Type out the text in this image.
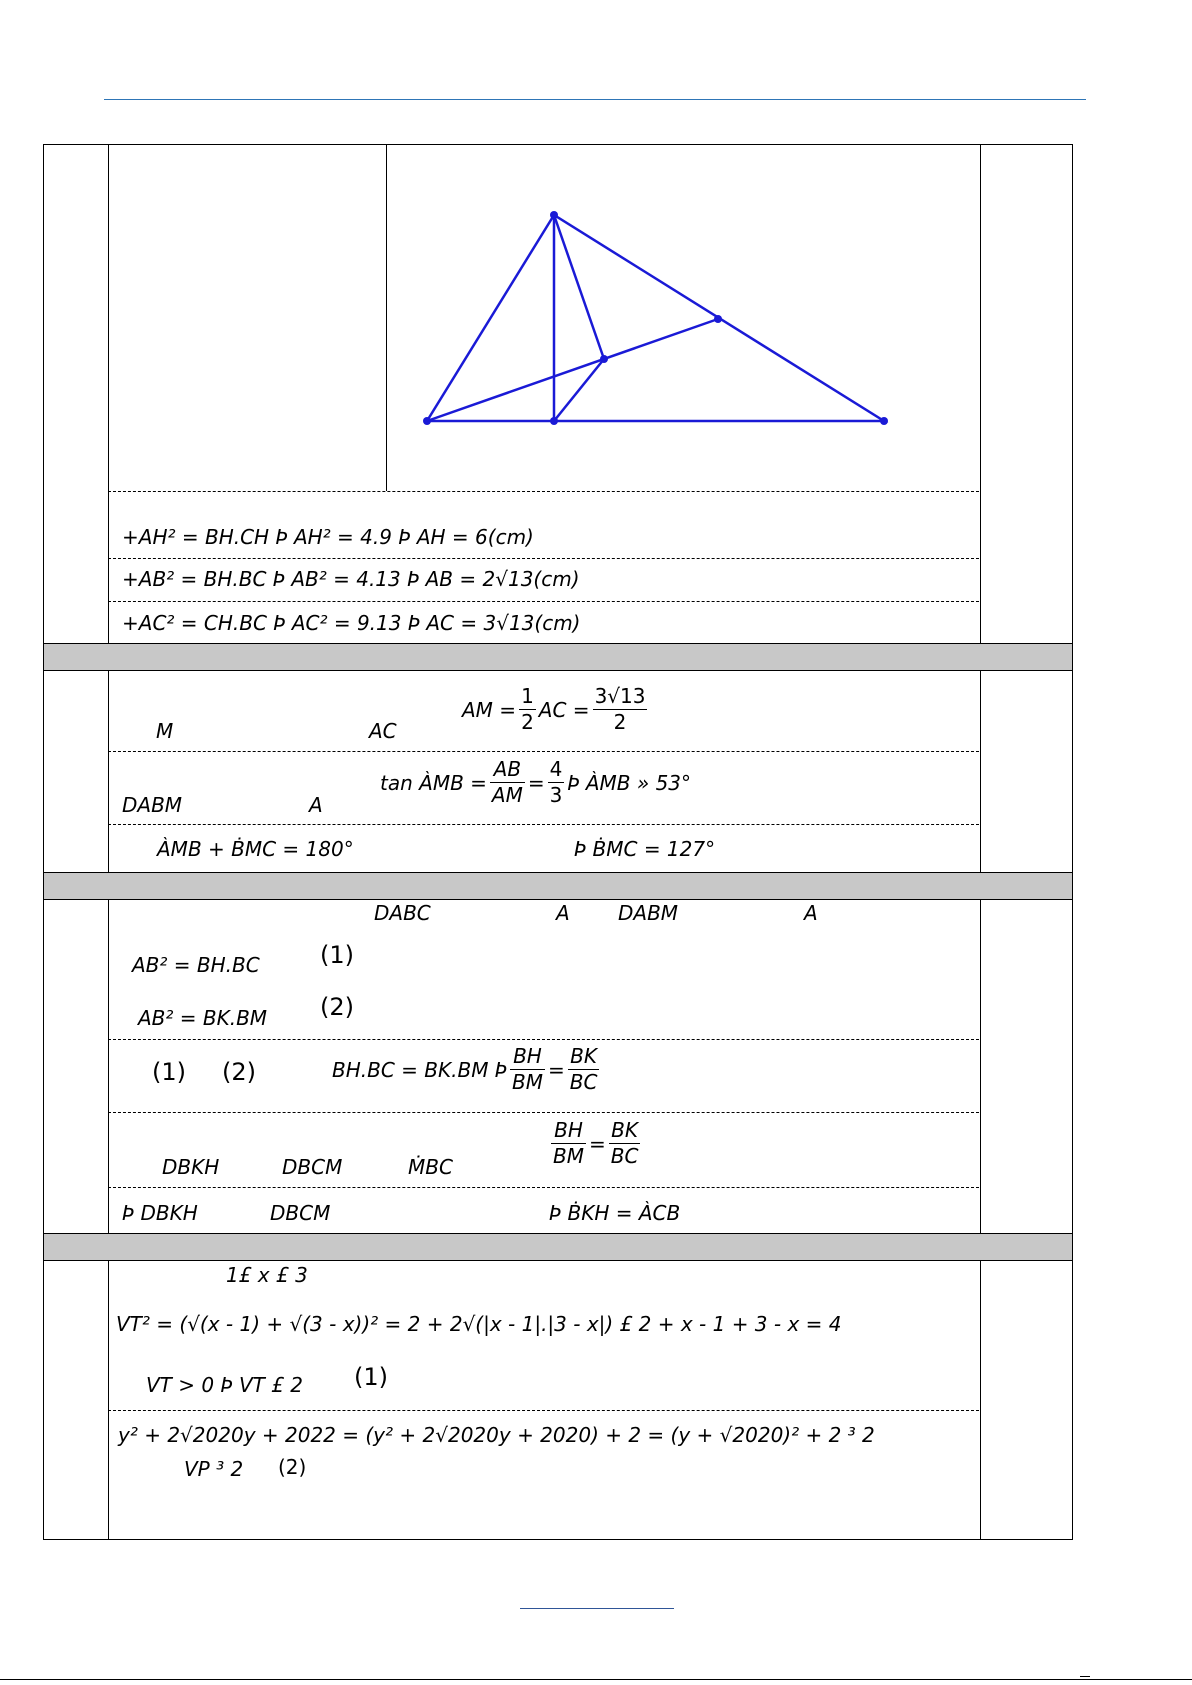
+AH² = BH.CH Þ AH² = 4.9 Þ AH = 6(cm)
+AB² = BH.BC Þ AB² = 4.13 Þ AB = 2√13(cm)
+AC² = CH.BC Þ AC² = 9.13 Þ AC = 3√13(cm)
M	AC
AM = $\frac{1}{2}$ AC = $\frac{3√13}{2}$
DABM	A
tan ÀMB = $\frac{AB}{AM} = \frac{4}{3}$ Þ ÀMB » 53°
ÀMB + ḂMC = 180°	Þ ḂMC = 127°
DABC	A DABM	A
AB² = BH.BC	(1)
AB² = BK.BM (2)
(1) (2)	BH.BC = BK.BM Þ $\frac{BH}{BM} = \frac{BK}{BC}$
DBKH	DBCM	ṀBC	$\frac{BH}{BM} = \frac{BK}{BC}$
Þ DBKH	DBCM	Þ ḂKH = ÀCB
1£ x £ 3
VT² = (√(x - 1) + √(3 - x))² = 2 + 2√(|x - 1|.|3 - x|) £ 2 + x - 1 + 3 - x = 4
VT > 0 Þ VT £ 2 (1)
y² + 2√2020y + 2022 = (y² + 2√2020y + 2020) + 2 = (y + √2020)² + 2 ³ 2
VP ³ 2 (2)
